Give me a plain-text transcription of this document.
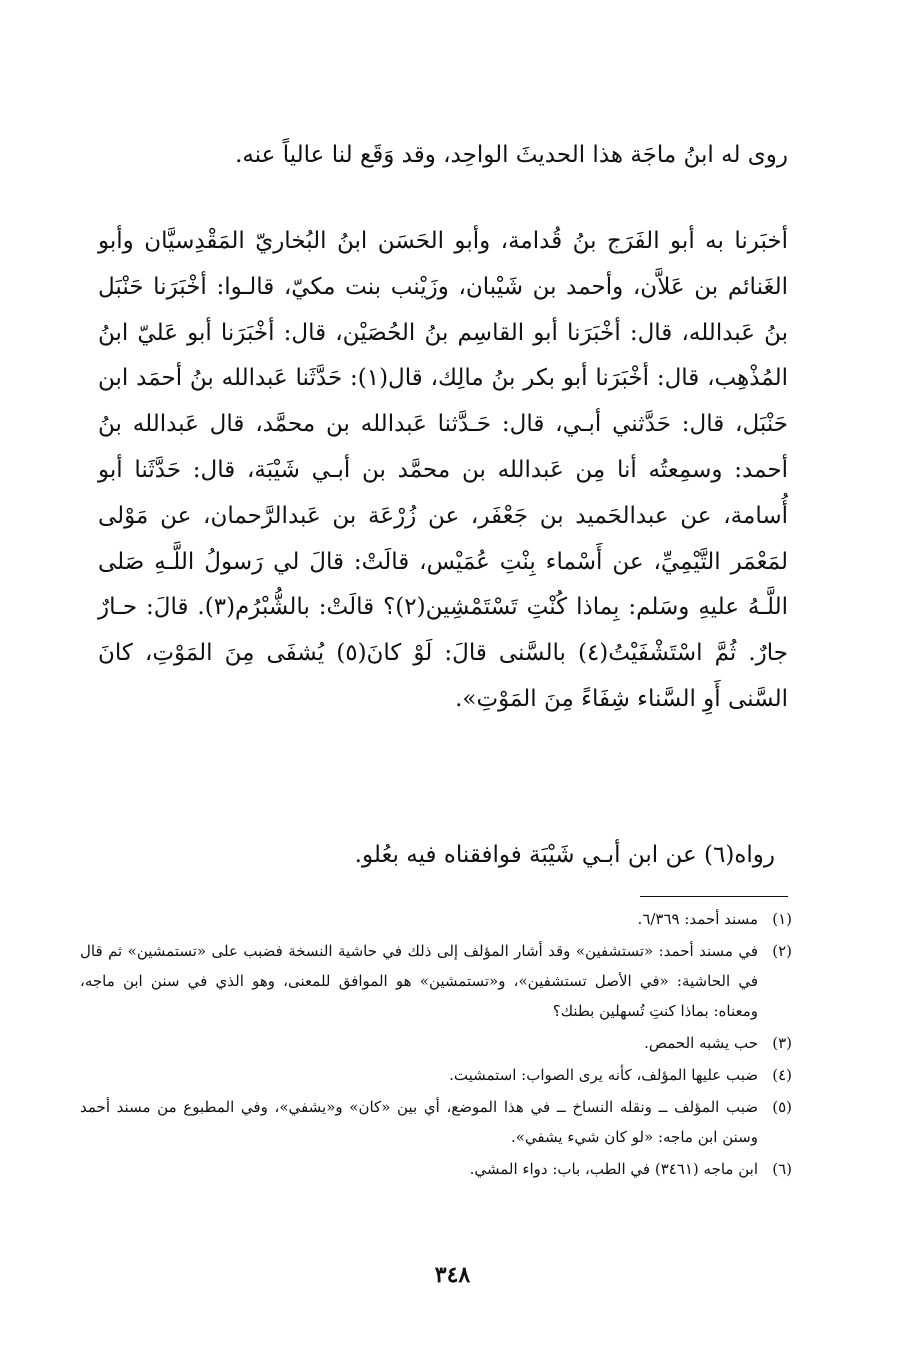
روى له ابنُ ماجَة هذا الحديثَ الواحِد، وقد وَقَع لنا عالياً عنه.

أخبَرنا به أبو الفَرَج بنُ قُدامة، وأبو الحَسَن ابنُ البُخاريّ المَقْدِسيَّان وأبو الغَنائم بن عَلاَّن، وأحمد بن شَيْبان، وزَيْنب بنت مكيّ، قالـوا: أخْبَرَنا حَنْبَل بنُ عَبدالله، قال: أخْبَرَنا أبو القاسِم بنُ الحُصَيْن، قال: أخْبَرَنا أبو عَليّ ابنُ المُذْهِب، قال: أخْبَرَنا أبو بكر بنُ مالِك، قال(١): حَدَّثَنا عَبدالله بنُ أحمَد ابن حَنْبَل، قال: حَدَّثني أبـي، قال: حَـدَّثنا عَبدالله بن محمَّد، قال عَبدالله بنُ أحمد: وسمِعتُه أنا مِن عَبدالله بن محمَّد بن أبـي شَيْبَة، قال: حَدَّثَنا أبو أُسامة، عن عبدالحَميد بن جَعْفَر، عن زُرْعَة بن عَبدالرَّحمان، عن مَوْلى لمَعْمَر التَّيْمِيِّ، عن أَسْماء بِنْتِ عُمَيْس، قالَتْ: قالَ لي رَسولُ اللَّـهِ صَلى اللَّـهُ عليهِ وسَلم: بِماذا كُنْتِ تَسْتَمْشِين(٢)؟ قالَتْ: بالشُّبْرُم(٣). قالَ: حـارٌ جارٌ. ثُمَّ اسْتَشْفَيْتُ(٤) بالسَّنى قالَ: لَوْ كانَ(٥) يُشفَى مِنَ المَوْتِ، كانَ السَّنى أَوِ السَّناء شِفَاءً مِنَ المَوْتِ».

رواه(٦) عن ابن أبـي شَيْبَة فوافقناه فيه بعُلو.

(١)
مسند أحمد: ٦/٣٦٩.
(٢)
في مسند أحمد: «تستشفين» وقد أشار المؤلف إلى ذلك في حاشية النسخة فضبب على «تستمشين» ثم قال في الحاشية: «في الأصل تستشفين»، و«تستمشين» هو الموافق للمعنى، وهو الذي في سنن ابن ماجه، ومعناه: بماذا كنتِ تُسهلين بطنك؟
(٣)
حب يشبه الحمص.
(٤)
ضبب عليها المؤلف، كأنه يرى الصواب: استمشيت.
(٥)
ضبب المؤلف ــ ونقله النساخ ــ في هذا الموضع، أي بين «كان» و«يشفي»، وفي المطبوع من مسند أحمد وسنن ابن ماجه: «لو كان شيء يشفي».
(٦)
ابن ماجه (٣٤٦١) في الطب، باب: دواء المشي.
٣٤٨
